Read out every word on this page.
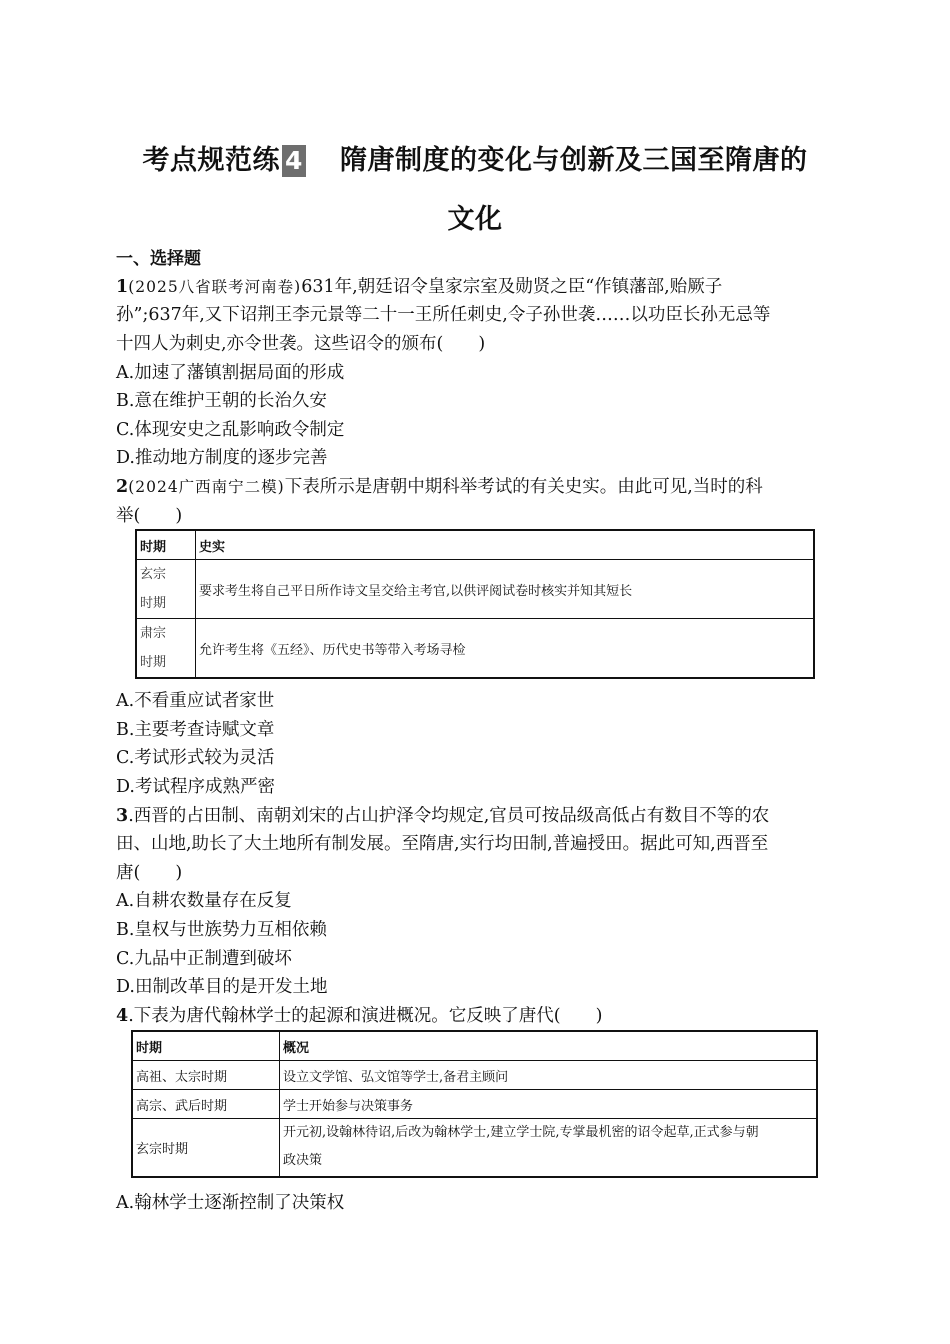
考点规范练 4 隋唐制度的变化与创新及三国至隋唐的
文化
一、选择题
1(2025八省联考河南卷)631年,朝廷诏令皇家宗室及勋贤之臣“作镇藩部,贻厥子
孙”;637年,又下诏荆王李元景等二十一王所任刺史,令子孙世袭……以功臣长孙无忌等
十四人为刺史,亦令世袭。这些诏令的颁布(　　)
A.加速了藩镇割据局面的形成
B.意在维护王朝的长治久安
C.体现安史之乱影响政令制定
D.推动地方制度的逐步完善
2(2024广西南宁二模)下表所示是唐朝中期科举考试的有关史实。由此可见,当时的科
举(　　)
时期	史实
玄宗
时期	要求考生将自己平日所作诗文呈交给主考官,以供评阅试卷时核实并知其短长
肃宗
时期	允许考生将《五经》、历代史书等带入考场寻检
A.不看重应试者家世
B.主要考查诗赋文章
C.考试形式较为灵活
D.考试程序成熟严密
3.西晋的占田制、南朝刘宋的占山护泽令均规定,官员可按品级高低占有数目不等的农
田、山地,助长了大土地所有制发展。至隋唐,实行均田制,普遍授田。据此可知,西晋至
唐(　　)
A.自耕农数量存在反复
B.皇权与世族势力互相依赖
C.九品中正制遭到破坏
D.田制改革目的是开发土地
4.下表为唐代翰林学士的起源和演进概况。它反映了唐代(　　)
时期	概况
高祖、太宗时期	设立文学馆、弘文馆等学士,备君主顾问
高宗、武后时期	学士开始参与决策事务
玄宗时期	开元初,设翰林待诏,后改为翰林学士,建立学士院,专掌最机密的诏令起草,正式参与朝
政决策
A.翰林学士逐渐控制了决策权
